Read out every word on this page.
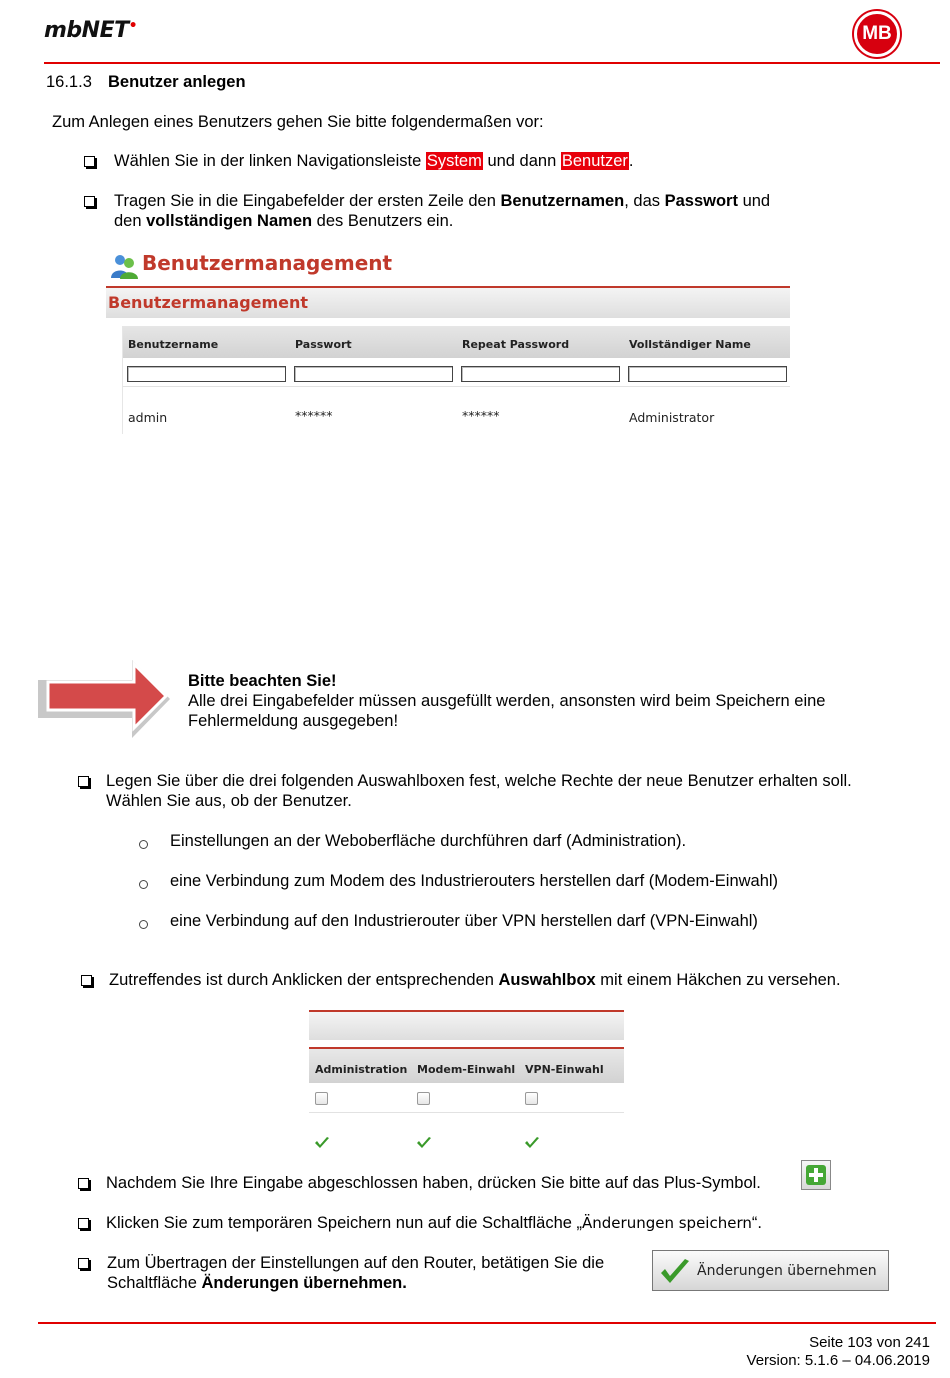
mbNET•	MB
16.1.3 Benutzer anlegen
Zum Anlegen eines Benutzers gehen Sie bitte folgendermaßen vor:
Wählen Sie in der linken Navigationsleiste System und dann Benutzer.
Tragen Sie in die Eingabefelder der ersten Zeile den Benutzernamen, das Passwort und
den vollständigen Namen des Benutzers ein.
Benutzermanagement
Benutzermanagement
Benutzername	Passwort	Repeat Password	Vollständiger Name
admin	******	******	Administrator
Bitte beachten Sie!
Alle drei Eingabefelder müssen ausgefüllt werden, ansonsten wird beim Speichern eine
Fehlermeldung ausgegeben!
Legen Sie über die drei folgenden Auswahlboxen fest, welche Rechte der neue Benutzer erhalten soll.
Wählen Sie aus, ob der Benutzer.
Einstellungen an der Weboberfläche durchführen darf (Administration).
eine Verbindung zum Modem des Industrierouters herstellen darf (Modem-Einwahl)
eine Verbindung auf den Industrierouter über VPN herstellen darf (VPN-Einwahl)
Zutreffendes ist durch Anklicken der entsprechenden Auswahlbox mit einem Häkchen zu versehen.
Administration Modem-Einwahl VPN-Einwahl
Nachdem Sie Ihre Eingabe abgeschlossen haben, drücken Sie bitte auf das Plus-Symbol.
Klicken Sie zum temporären Speichern nun auf die Schaltfläche „Änderungen speichern“.
Zum Übertragen der Einstellungen auf den Router, betätigen Sie die
Schaltfläche Änderungen übernehmen.
Änderungen übernehmen
Seite 103 von 241
Version: 5.1.6 – 04.06.2019
